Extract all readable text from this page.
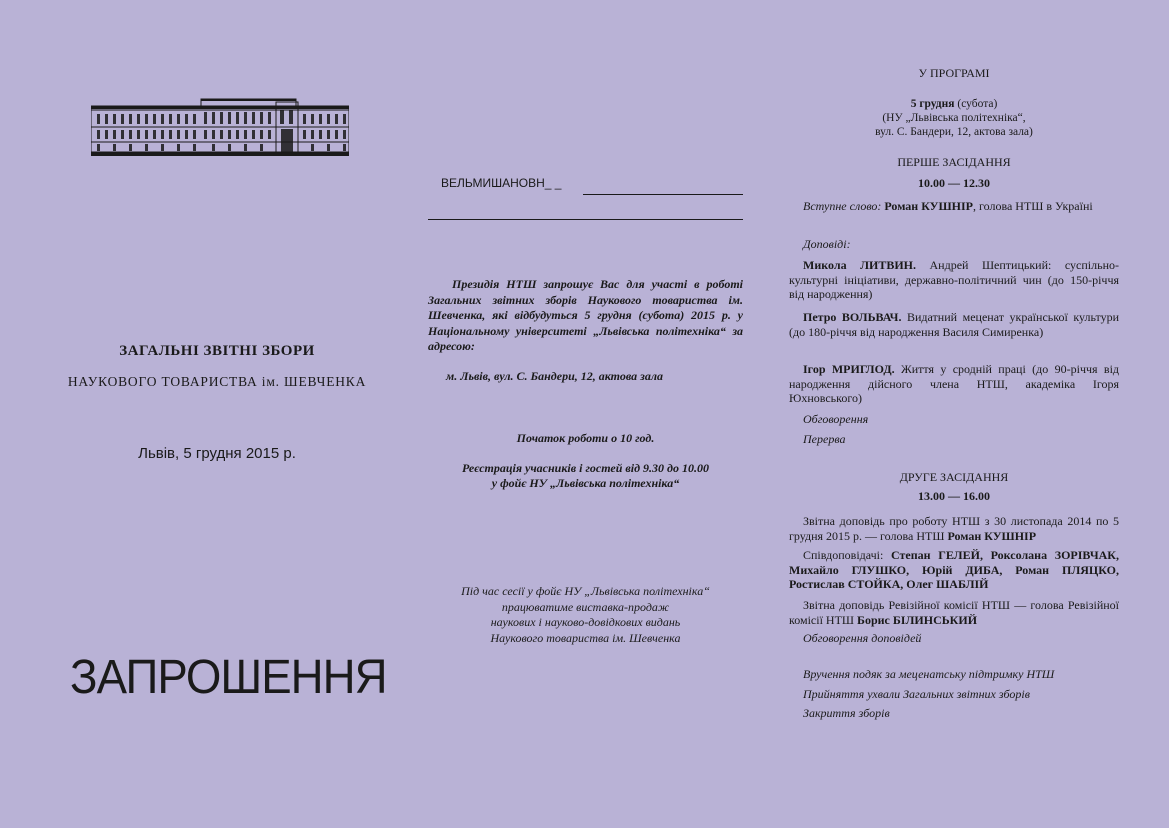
ЗАГАЛЬНІ ЗВІТНІ ЗБОРИ
НАУКОВОГО ТОВАРИСТВА ім. ШЕВЧЕНКА
Львів, 5 грудня 2015 р.
ЗАПРОШЕННЯ
ВЕЛЬМИШАНОВН_ _
Президія НТШ запрошує Вас для участі в роботі Загальних звітних зборів Наукового товариства ім. Шевченка, які відбудуться 5 грудня (субота) 2015 р. у Національному університеті „Львівська політехніка“ за адресою:
м. Львів, вул. С. Бандери, 12, актова зала
Початок роботи о 10 год.
Реєстрація учасників і гостей від 9.30 до 10.00
у фойє НУ „Львівська політехніка“
Під час сесії у фойє НУ „Львівська політехніка“
працюватиме виставка-продаж
наукових і науково-довідкових видань
Наукового товариства ім. Шевченка
У ПРОГРАМІ
5 грудня (субота)
(НУ „Львівська політехніка“,
вул. С. Бандери, 12, актова зала)
ПЕРШЕ ЗАСІДАННЯ
10.00 — 12.30
Вступне слово: Роман КУШНІР, голова НТШ в Україні
Доповіді:
Микола ЛИТВИН. Андрей Шептицький: суспільно-культурні ініціативи, державно-політичний чин (до 150-річчя від народження)
Петро ВОЛЬВАЧ. Видатний меценат української культури (до 180-річчя від народження Василя Симиренка)
Ігор МРИГЛОД. Життя у сродній праці (до 90-річчя від народження дійсного члена НТШ, академіка Ігоря Юхновського)
Обговорення
Перерва
ДРУГЕ ЗАСІДАННЯ
13.00 — 16.00
Звітна доповідь про роботу НТШ з 30 листопада 2014 по 5 грудня 2015 р. — голова НТШ Роман КУШНІР
Співдоповідачі: Степан ГЕЛЕЙ, Роксолана ЗОРІВЧАК, Михайло ГЛУШКО, Юрій ДИБА, Роман ПЛЯЦКО, Ростислав СТОЙКА, Олег ШАБЛІЙ
Звітна доповідь Ревізійної комісії НТШ — голова Ревізійної комісії НТШ Борис БІЛИНСЬКИЙ
Обговорення доповідей
Вручення подяк за меценатську підтримку НТШ
Прийняття ухвали Загальних звітних зборів
Закриття зборів
